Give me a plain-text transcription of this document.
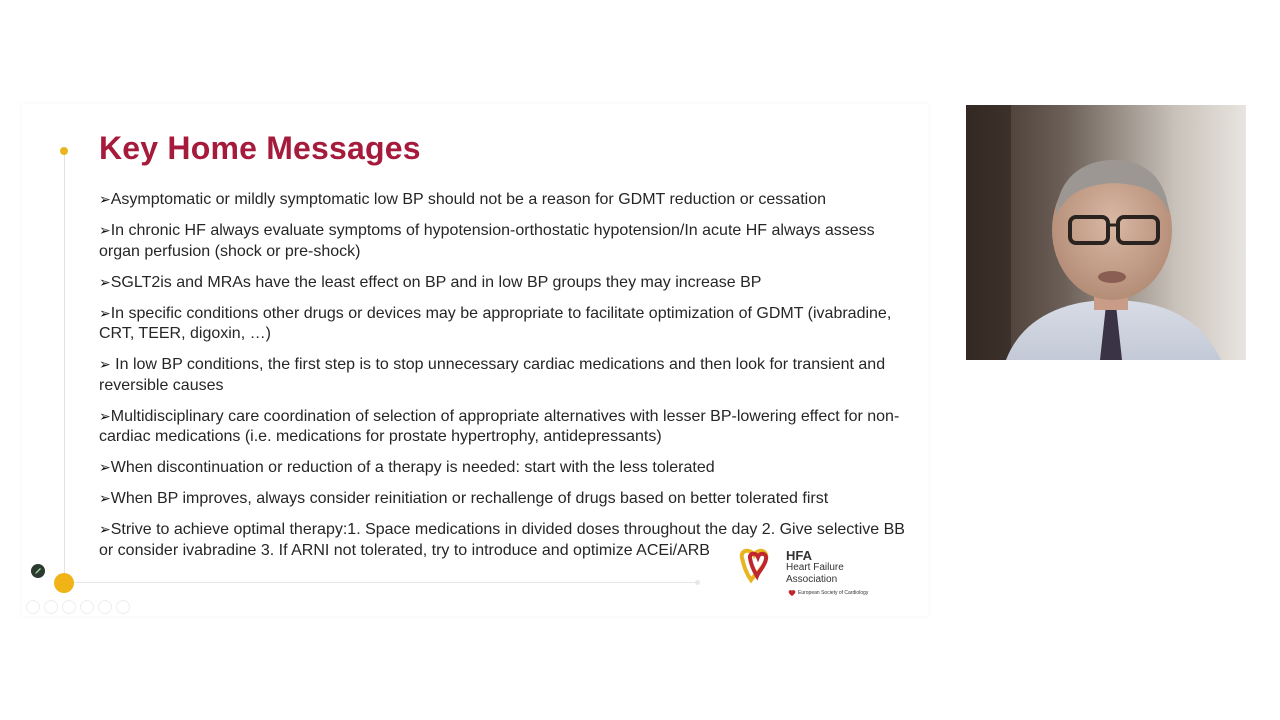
Key Home Messages
➢Asymptomatic or mildly symptomatic low BP should not be a reason for GDMT reduction or cessation
➢In chronic HF always evaluate symptoms of hypotension-orthostatic hypotension/In acute HF always assess organ perfusion (shock or pre-shock)
➢SGLT2is and MRAs have the least effect on BP and in low BP groups they may increase BP
➢In specific conditions other drugs or devices may be appropriate to facilitate optimization of GDMT (ivabradine, CRT, TEER, digoxin, …)
➢ In low BP conditions, the first step is to stop unnecessary cardiac medications and then look for transient and reversible causes
➢Multidisciplinary care coordination of selection of appropriate alternatives with lesser BP-lowering effect for non-cardiac medications (i.e. medications for prostate hypertrophy, antidepressants)
➢When discontinuation or reduction of a therapy is needed: start with the less tolerated
➢When BP improves, always consider reinitiation or rechallenge of drugs based on better tolerated first
➢Strive to achieve optimal therapy:1. Space medications in divided doses throughout the day 2. Give selective BB or consider ivabradine 3. If ARNI not tolerated, try to introduce and optimize ACEi/ARB	HFA
Heart Failure
Association
European Society of Cardiology
